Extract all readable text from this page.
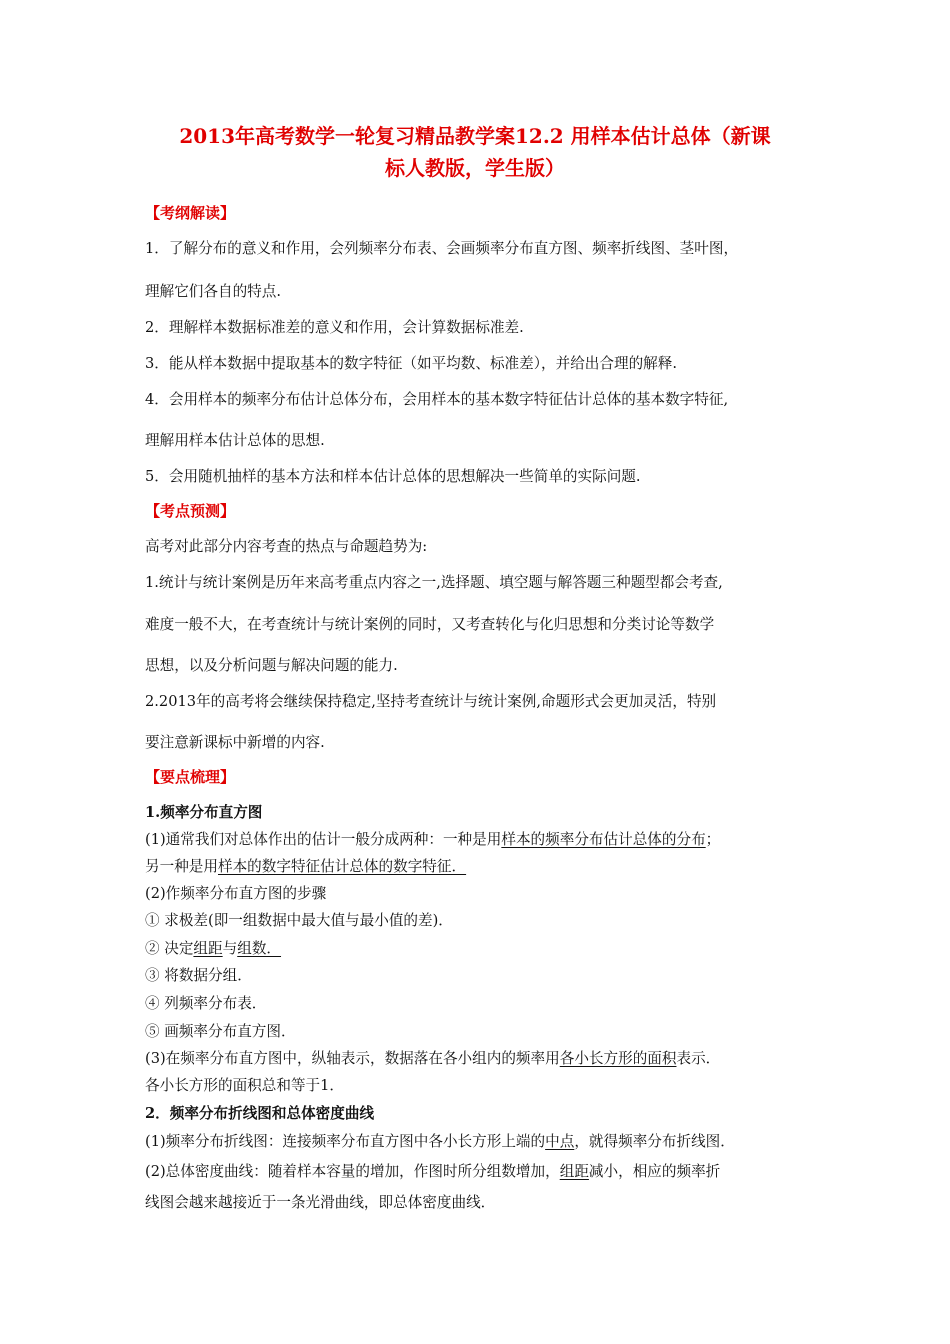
2013年高考数学一轮复习精品教学案12.2 用样本估计总体（新课
标人教版，学生版）
【考纲解读】
1．了解分布的意义和作用，会列频率分布表、会画频率分布直方图、频率折线图、茎叶图，
理解它们各自的特点.
2．理解样本数据标准差的意义和作用，会计算数据标准差.
3．能从样本数据中提取基本的数字特征（如平均数、标准差），并给出合理的解释.
4．会用样本的频率分布估计总体分布，会用样本的基本数字特征估计总体的基本数字特征,
理解用样本估计总体的思想.
5．会用随机抽样的基本方法和样本估计总体的思想解决一些简单的实际问题.
【考点预测】
高考对此部分内容考查的热点与命题趋势为:
1.统计与统计案例是历年来高考重点内容之一,选择题、填空题与解答题三种题型都会考查,
难度一般不大，在考查统计与统计案例的同时，又考查转化与化归思想和分类讨论等数学
思想，以及分析问题与解决问题的能力.
2.2013年的高考将会继续保持稳定,坚持考查统计与统计案例,命题形式会更加灵活，特别
要注意新课标中新增的内容.
【要点梳理】
1.频率分布直方图
(1)通常我们对总体作出的估计一般分成两种：一种是用样本的频率分布估计总体的分布；
另一种是用样本的数字特征估计总体的数字特征．
(2)作频率分布直方图的步骤
① 求极差(即一组数据中最大值与最小值的差)．
② 决定组距与组数．
③ 将数据分组．
④ 列频率分布表．
⑤ 画频率分布直方图．
(3)在频率分布直方图中，纵轴表示，数据落在各小组内的频率用各小长方形的面积表示．
各小长方形的面积总和等于1．
2．频率分布折线图和总体密度曲线
(1)频率分布折线图：连接频率分布直方图中各小长方形上端的中点，就得频率分布折线图．
(2)总体密度曲线：随着样本容量的增加，作图时所分组数增加，组距减小，相应的频率折
线图会越来越接近于一条光滑曲线，即总体密度曲线．
